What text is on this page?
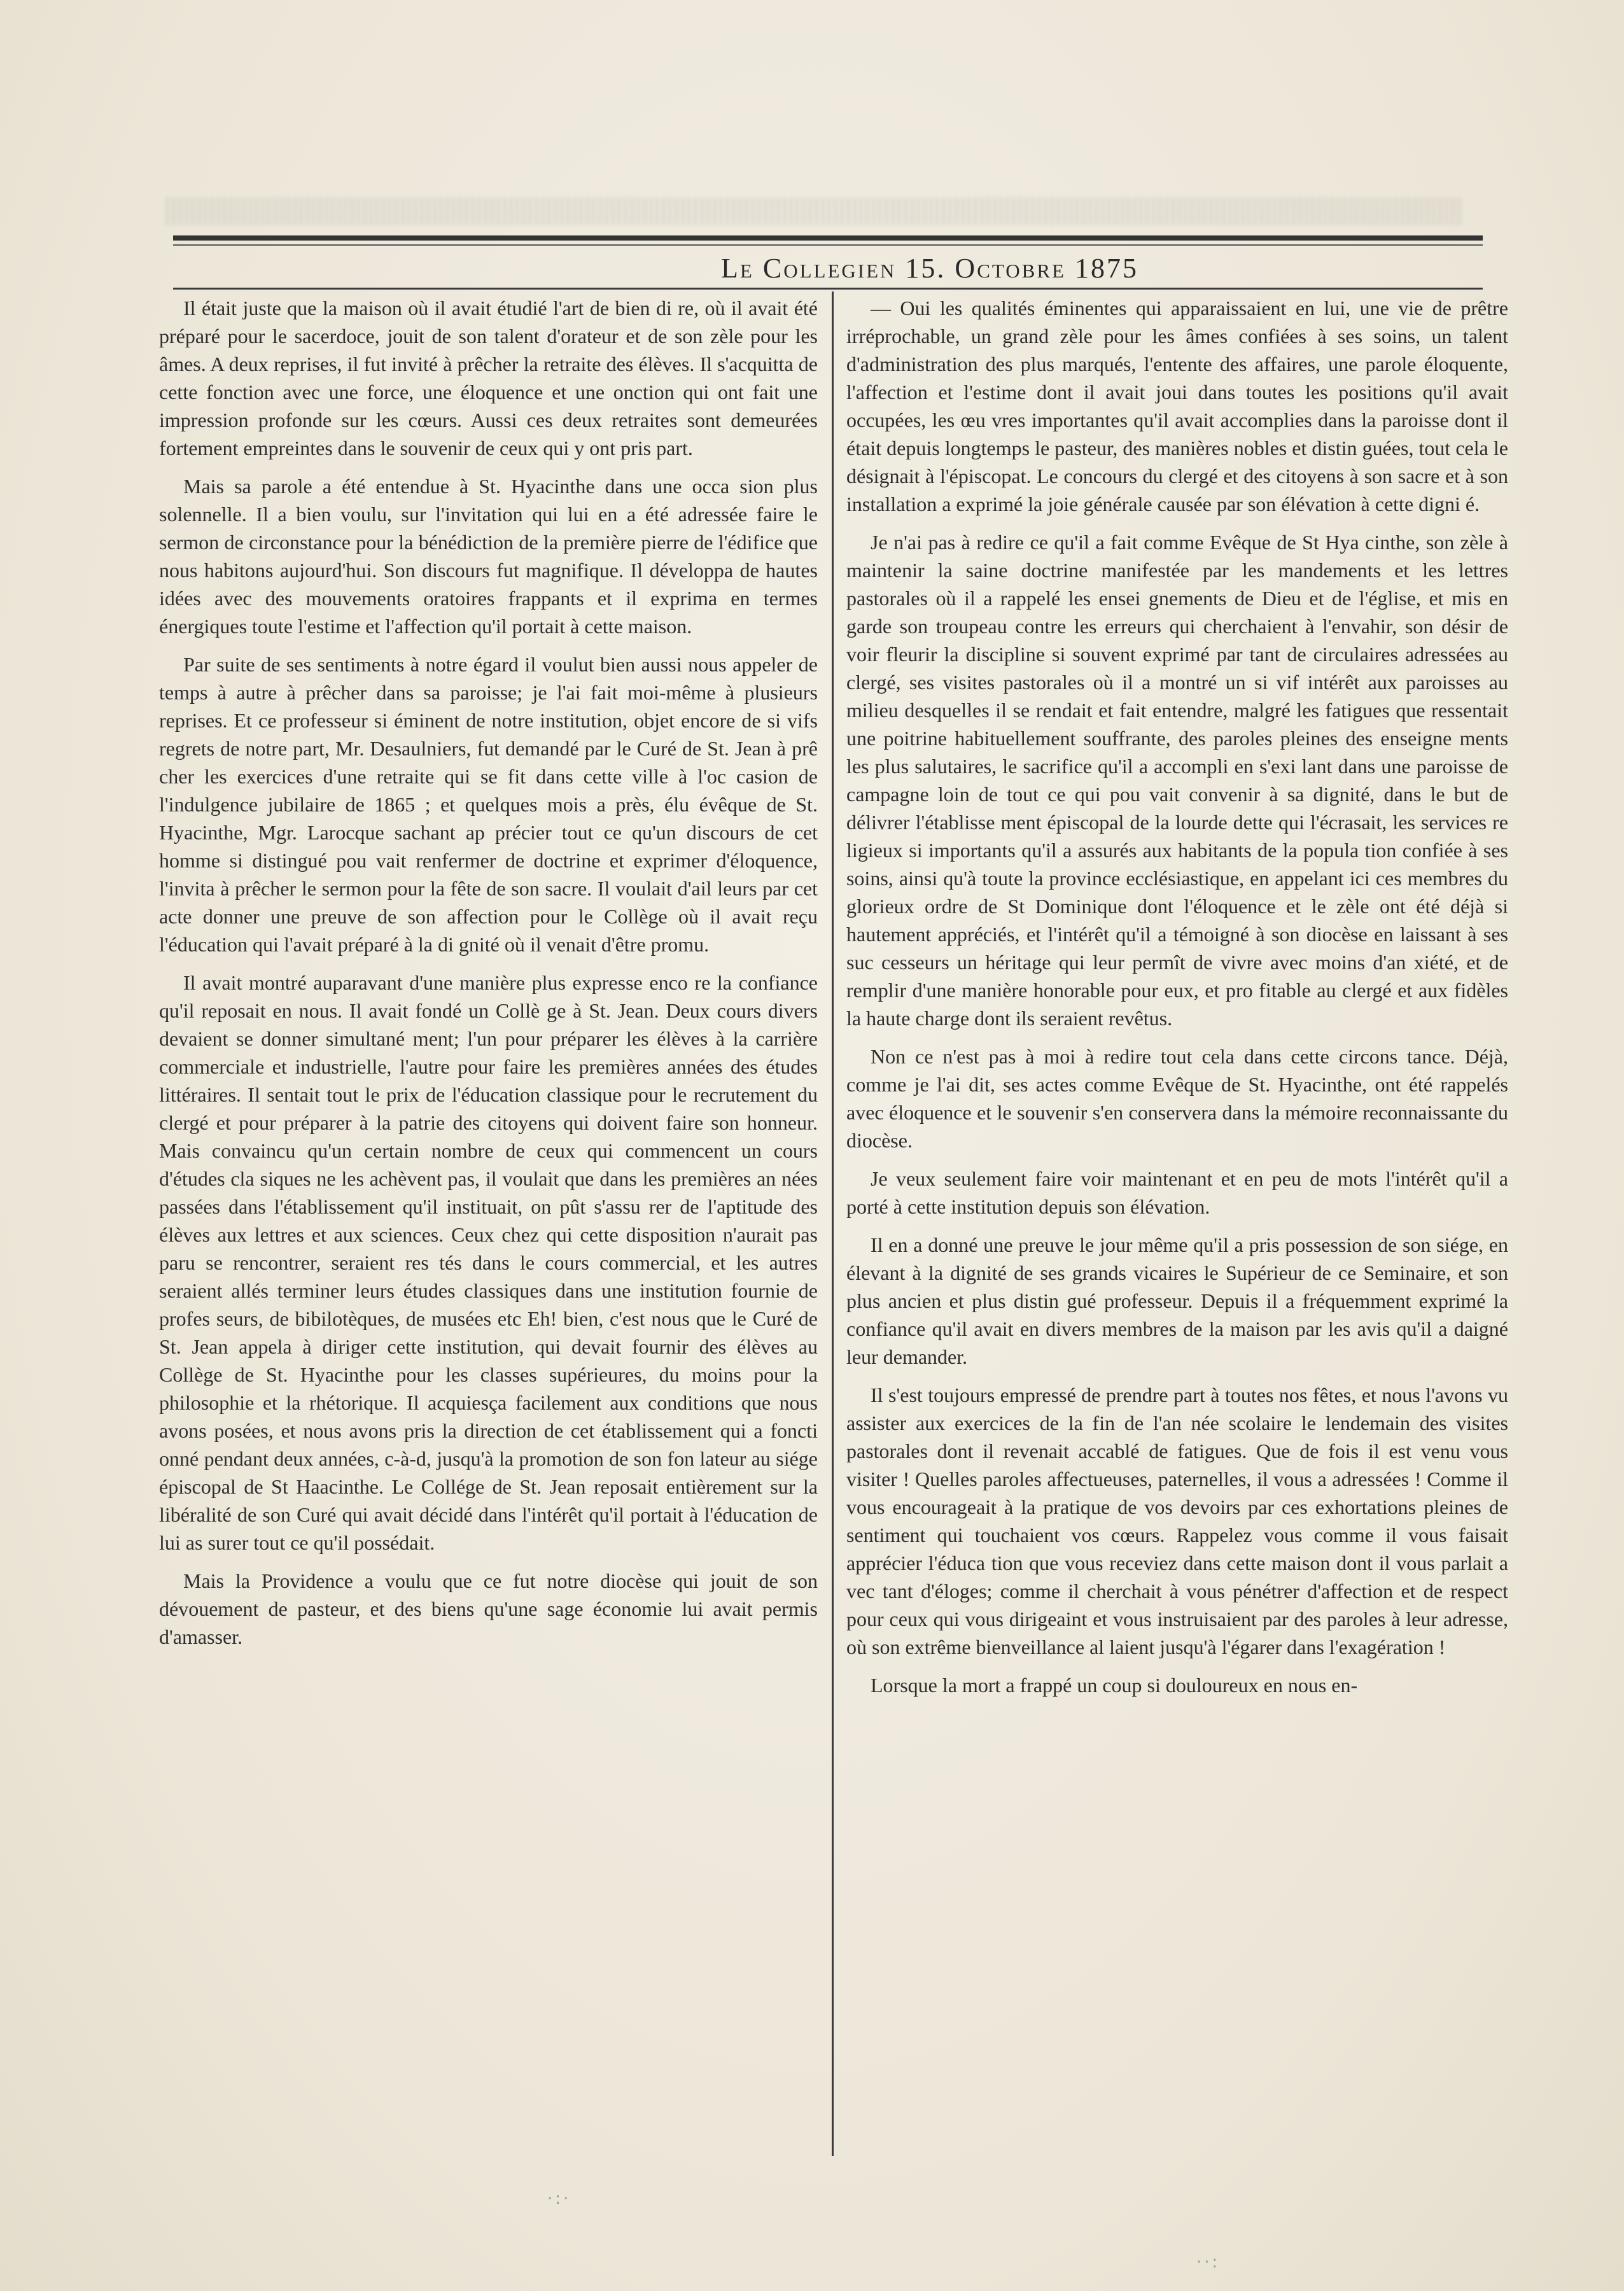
Le Collegien 15. Octobre 1875

Il était juste que la maison où il avait étudié l'art de bien di re, où il avait été préparé pour le sacerdoce, jouit de son talent d'orateur et de son zèle pour les âmes. A deux reprises, il fut invité à prêcher la retraite des élèves. Il s'acquitta de cette fonction avec une force, une éloquence et une onction qui ont fait une impression profonde sur les cœurs. Aussi ces deux retraites sont demeurées fortement empreintes dans le souvenir de ceux qui y ont pris part.

Mais sa parole a été entendue à St. Hyacinthe dans une occa sion plus solennelle. Il a bien voulu, sur l'invitation qui lui en a été adressée faire le sermon de circonstance pour la bénédiction de la première pierre de l'édifice que nous habitons aujourd'hui. Son discours fut magnifique. Il développa de hautes idées avec des mouvements oratoires frappants et il exprima en termes énergiques toute l'estime et l'affection qu'il portait à cette maison.

Par suite de ses sentiments à notre égard il voulut bien aussi nous appeler de temps à autre à prêcher dans sa paroisse; je l'ai fait moi-même à plusieurs reprises. Et ce professeur si éminent de notre institution, objet encore de si vifs regrets de notre part, Mr. Desaulniers, fut demandé par le Curé de St. Jean à prê cher les exercices d'une retraite qui se fit dans cette ville à l'oc casion de l'indulgence jubilaire de 1865 ; et quelques mois a près, élu évêque de St. Hyacinthe, Mgr. Larocque sachant ap précier tout ce qu'un discours de cet homme si distingué pou vait renfermer de doctrine et exprimer d'éloquence, l'invita à prêcher le sermon pour la fête de son sacre. Il voulait d'ail leurs par cet acte donner une preuve de son affection pour le Collège où il avait reçu l'éducation qui l'avait préparé à la di gnité où il venait d'être promu.

Il avait montré auparavant d'une manière plus expresse enco re la confiance qu'il reposait en nous. Il avait fondé un Collè ge à St. Jean. Deux cours divers devaient se donner simultané ment; l'un pour préparer les élèves à la carrière commerciale et industrielle, l'autre pour faire les premières années des études littéraires. Il sentait tout le prix de l'éducation classique pour le recrutement du clergé et pour préparer à la patrie des citoyens qui doivent faire son honneur. Mais convaincu qu'un certain nombre de ceux qui commencent un cours d'études cla siques ne les achèvent pas, il voulait que dans les premières an nées passées dans l'établissement qu'il instituait, on pût s'assu rer de l'aptitude des élèves aux lettres et aux sciences. Ceux chez qui cette disposition n'aurait pas paru se rencontrer, seraient res tés dans le cours commercial, et les autres seraient allés terminer leurs études classiques dans une institution fournie de profes seurs, de bibilotèques, de musées etc Eh! bien, c'est nous que le Curé de St. Jean appela à diriger cette institution, qui devait fournir des élèves au Collège de St. Hyacinthe pour les classes supérieures, du moins pour la philosophie et la rhétorique. Il acquiesça facilement aux conditions que nous avons posées, et nous avons pris la direction de cet établissement qui a foncti onné pendant deux années, c-à-d, jusqu'à la promotion de son fon lateur au siége épiscopal de St Haacinthe. Le Collége de St. Jean reposait entièrement sur la libéralité de son Curé qui avait décidé dans l'intérêt qu'il portait à l'éducation de lui as surer tout ce qu'il possédait.

Mais la Providence a voulu que ce fut notre diocèse qui jouit de son dévouement de pasteur, et des biens qu'une sage économie lui avait permis d'amasser.

— Oui les qualités éminentes qui apparaissaient en lui, une vie de prêtre irréprochable, un grand zèle pour les âmes confiées à ses soins, un talent d'administration des plus marqués, l'entente des affaires, une parole éloquente, l'affection et l'estime dont il avait joui dans toutes les positions qu'il avait occupées, les œu vres importantes qu'il avait accomplies dans la paroisse dont il était depuis longtemps le pasteur, des manières nobles et distin guées, tout cela le désignait à l'épiscopat. Le concours du clergé et des citoyens à son sacre et à son installation a exprimé la joie générale causée par son élévation à cette digni é.

Je n'ai pas à redire ce qu'il a fait comme Evêque de St Hya cinthe, son zèle à maintenir la saine doctrine manifestée par les mandements et les lettres pastorales où il a rappelé les ensei gnements de Dieu et de l'église, et mis en garde son troupeau contre les erreurs qui cherchaient à l'envahir, son désir de voir fleurir la discipline si souvent exprimé par tant de circulaires adressées au clergé, ses visites pastorales où il a montré un si vif intérêt aux paroisses au milieu desquelles il se rendait et fait entendre, malgré les fatigues que ressentait une poitrine habituellement souffrante, des paroles pleines des enseigne ments les plus salutaires, le sacrifice qu'il a accompli en s'exi lant dans une paroisse de campagne loin de tout ce qui pou vait convenir à sa dignité, dans le but de délivrer l'établisse ment épiscopal de la lourde dette qui l'écrasait, les services re ligieux si importants qu'il a assurés aux habitants de la popula tion confiée à ses soins, ainsi qu'à toute la province ecclésiastique, en appelant ici ces membres du glorieux ordre de St Dominique dont l'éloquence et le zèle ont été déjà si hautement appréciés, et l'intérêt qu'il a témoigné à son diocèse en laissant à ses suc cesseurs un héritage qui leur permît de vivre avec moins d'an xiété, et de remplir d'une manière honorable pour eux, et pro fitable au clergé et aux fidèles la haute charge dont ils seraient revêtus.

Non ce n'est pas à moi à redire tout cela dans cette circons tance. Déjà, comme je l'ai dit, ses actes comme Evêque de St. Hyacinthe, ont été rappelés avec éloquence et le souvenir s'en conservera dans la mémoire reconnaissante du diocèse.

Je veux seulement faire voir maintenant et en peu de mots l'intérêt qu'il a porté à cette institution depuis son élévation.

Il en a donné une preuve le jour même qu'il a pris possession de son siége, en élevant à la dignité de ses grands vicaires le Supérieur de ce Seminaire, et son plus ancien et plus distin gué professeur. Depuis il a fréquemment exprimé la confiance qu'il avait en divers membres de la maison par les avis qu'il a daigné leur demander.

Il s'est toujours empressé de prendre part à toutes nos fêtes, et nous l'avons vu assister aux exercices de la fin de l'an née scolaire le lendemain des visites pastorales dont il revenait accablé de fatigues. Que de fois il est venu vous visiter ! Quelles paroles affectueuses, paternelles, il vous a adressées ! Comme il vous encourageait à la pratique de vos devoirs par ces exhortations pleines de sentiment qui touchaient vos cœurs. Rappelez vous comme il vous faisait apprécier l'éduca tion que vous receviez dans cette maison dont il vous parlait a vec tant d'éloges; comme il cherchait à vous pénétrer d'affection et de respect pour ceux qui vous dirigeaint et vous instruisaient par des paroles à leur adresse, où son extrême bienveillance al laient jusqu'à l'égarer dans l'exagération !

Lorsque la mort a frappé un coup si douloureux en nous en-

·:·
··:
